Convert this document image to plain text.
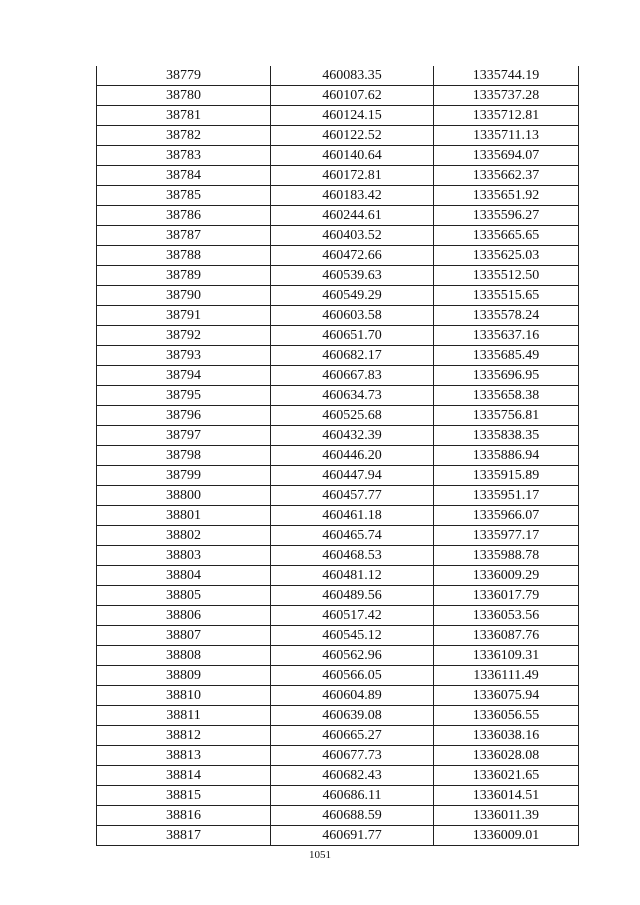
38779	460083.35	1335744.19
38780	460107.62	1335737.28
38781	460124.15	1335712.81
38782	460122.52	1335711.13
38783	460140.64	1335694.07
38784	460172.81	1335662.37
38785	460183.42	1335651.92
38786	460244.61	1335596.27
38787	460403.52	1335665.65
38788	460472.66	1335625.03
38789	460539.63	1335512.50
38790	460549.29	1335515.65
38791	460603.58	1335578.24
38792	460651.70	1335637.16
38793	460682.17	1335685.49
38794	460667.83	1335696.95
38795	460634.73	1335658.38
38796	460525.68	1335756.81
38797	460432.39	1335838.35
38798	460446.20	1335886.94
38799	460447.94	1335915.89
38800	460457.77	1335951.17
38801	460461.18	1335966.07
38802	460465.74	1335977.17
38803	460468.53	1335988.78
38804	460481.12	1336009.29
38805	460489.56	1336017.79
38806	460517.42	1336053.56
38807	460545.12	1336087.76
38808	460562.96	1336109.31
38809	460566.05	1336111.49
38810	460604.89	1336075.94
38811	460639.08	1336056.55
38812	460665.27	1336038.16
38813	460677.73	1336028.08
38814	460682.43	1336021.65
38815	460686.11	1336014.51
38816	460688.59	1336011.39
38817	460691.77	1336009.01
1051
